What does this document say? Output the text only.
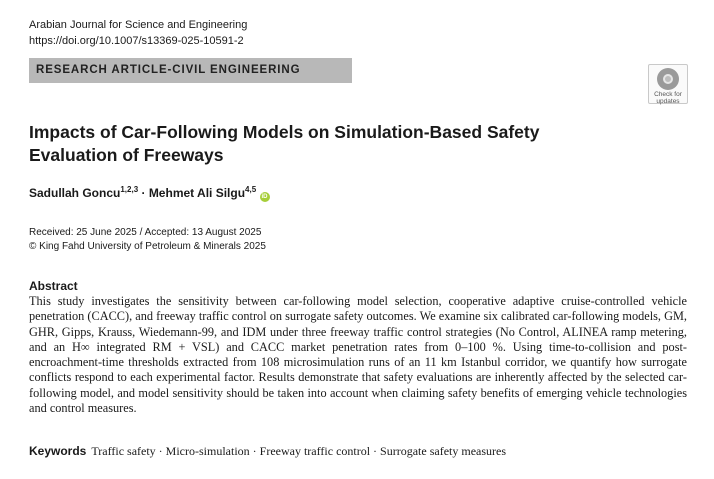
Arabian Journal for Science and Engineering
https://doi.org/10.1007/s13369-025-10591-2
RESEARCH ARTICLE-CIVIL ENGINEERING
Check for updates
Impacts of Car-Following Models on Simulation-Based Safety Evaluation of Freeways
Sadullah Goncu$^{1,2,3}$ · Mehmet Ali Silgu$^{4,5}$ iD
Received: 25 June 2025 / Accepted: 13 August 2025
© King Fahd University of Petroleum & Minerals 2025
Abstract
This study investigates the sensitivity between car-following model selection, cooperative adaptive cruise-controlled vehicle penetration (CACC), and freeway traffic control on surrogate safety outcomes. We examine six calibrated car-following models, GM, GHR, Gipps, Krauss, Wiedemann-99, and IDM under three freeway traffic control strategies (No Control, ALINEA ramp metering, and an H∞ integrated RM + VSL) and CACC market penetration rates from 0–100 %. Using time-to-collision and post-encroachment-time thresholds extracted from 108 microsimulation runs of an 11 km Istanbul corridor, we quantify how surrogate conflicts respond to each experimental factor. Results demonstrate that safety evaluations are inherently affected by the selected car-following model, and model sensitivity should be taken into account when claiming safety benefits of emerging vehicle technologies and control measures.
Keywords Traffic safety · Micro-simulation · Freeway traffic control · Surrogate safety measures
